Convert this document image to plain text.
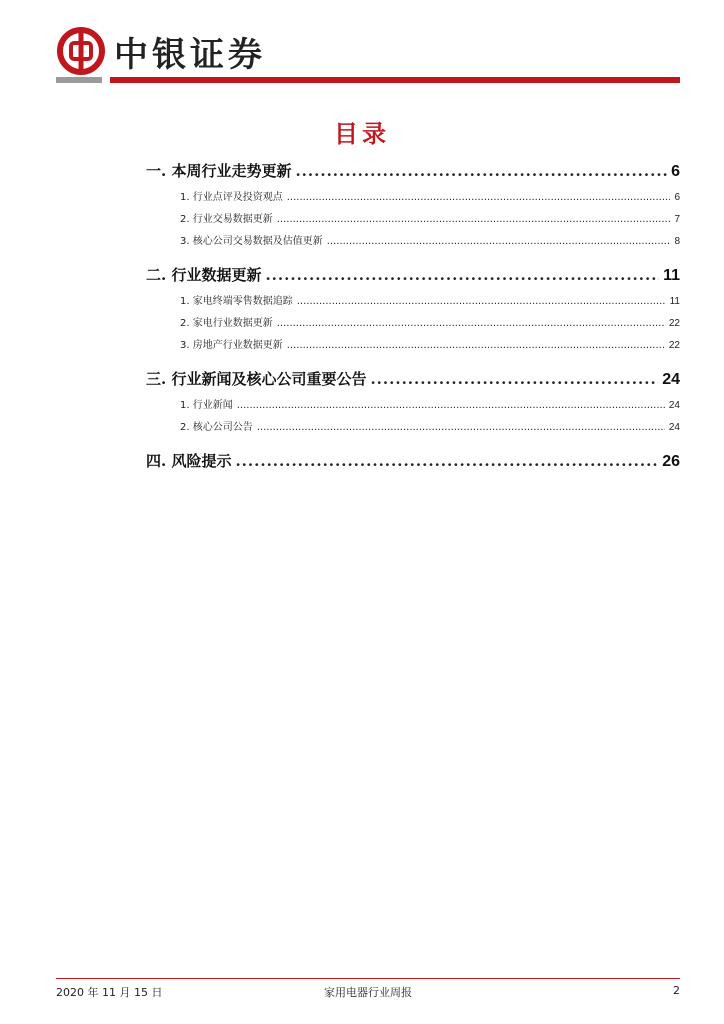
中银证券
目录
一. 本周行业走势更新 .....	6
1. 行业点评及投资观点 .....	6
2. 行业交易数据更新 .....	7
3. 核心公司交易数据及估值更新 .....	8
二. 行业数据更新 .....	11
1. 家电终端零售数据追踪 .....	11
2. 家电行业数据更新 .....	22
3. 房地产行业数据更新 .....	22
三. 行业新闻及核心公司重要公告 .....	24
1. 行业新闻 .....	24
2. 核心公司公告 .....	24
四. 风险提示 .....	26
2020 年 11 月 15 日	家用电器行业周报	2
